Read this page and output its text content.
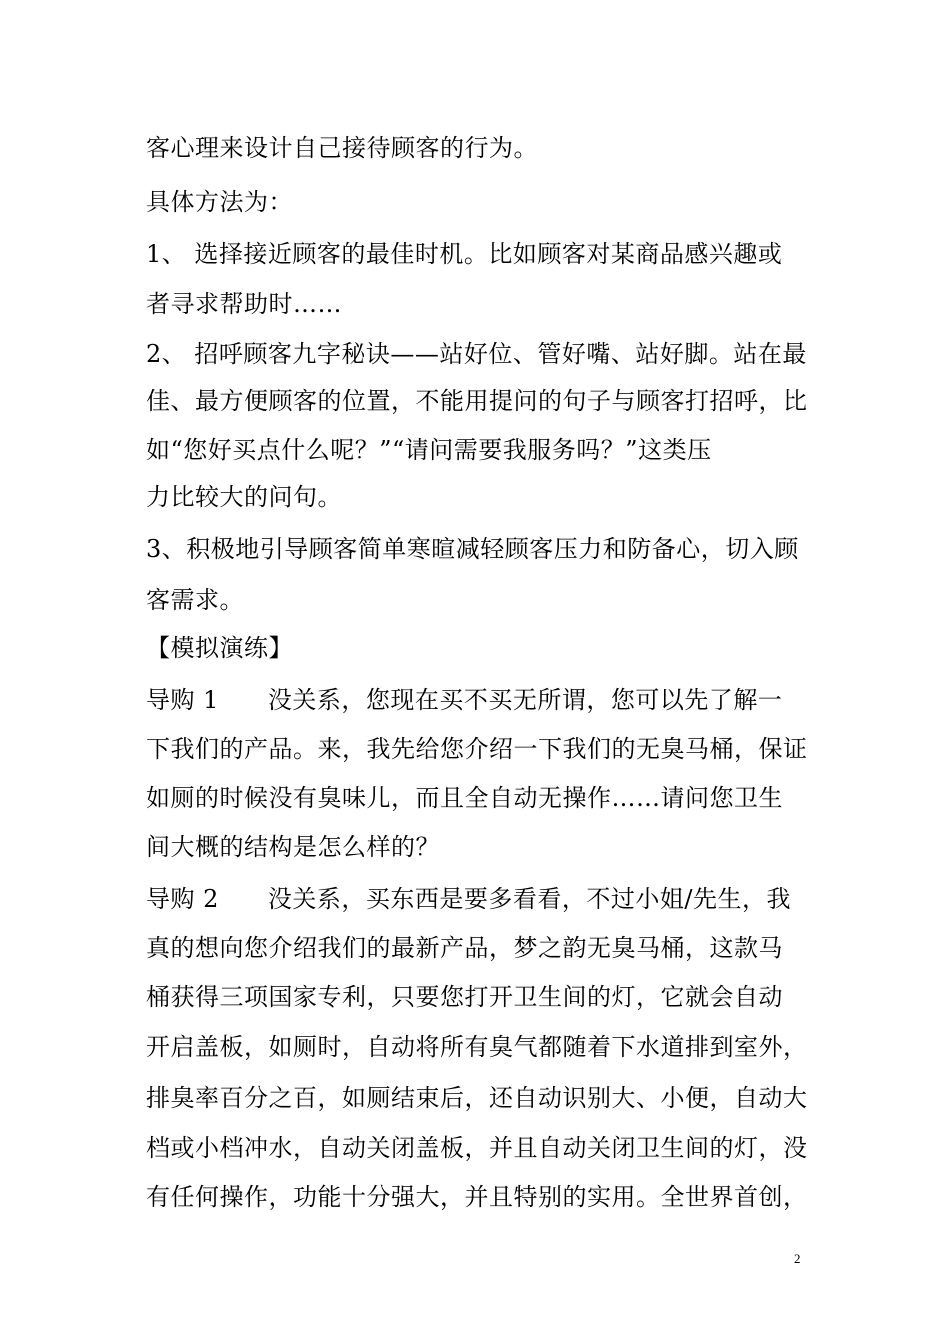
客心理来设计自己接待顾客的行为。
具体方法为：
1、 选择接近顾客的最佳时机。比如顾客对某商品感兴趣或
者寻求帮助时……
2、 招呼顾客九字秘诀——站好位、管好嘴、站好脚。站在最
佳、最方便顾客的位置，不能用提问的句子与顾客打招呼，比
如“您好买点什么呢？”“请问需要我服务吗？”这类压
力比较大的问句。
3、积极地引导顾客简单寒暄减轻顾客压力和防备心，切入顾
客需求。
【模拟演练】
导购 1　　没关系，您现在买不买无所谓，您可以先了解一
下我们的产品。来，我先给您介绍一下我们的无臭马桶，保证
如厕的时候没有臭味儿，而且全自动无操作……请问您卫生
间大概的结构是怎么样的？
导购 2　　没关系，买东西是要多看看，不过小姐/先生，我
真的想向您介绍我们的最新产品，梦之韵无臭马桶，这款马
桶获得三项国家专利，只要您打开卫生间的灯，它就会自动
开启盖板，如厕时，自动将所有臭气都随着下水道排到室外，
排臭率百分之百，如厕结束后，还自动识别大、小便，自动大
档或小档冲水，自动关闭盖板，并且自动关闭卫生间的灯，没
有任何操作，功能十分强大，并且特别的实用。全世界首创，
2
